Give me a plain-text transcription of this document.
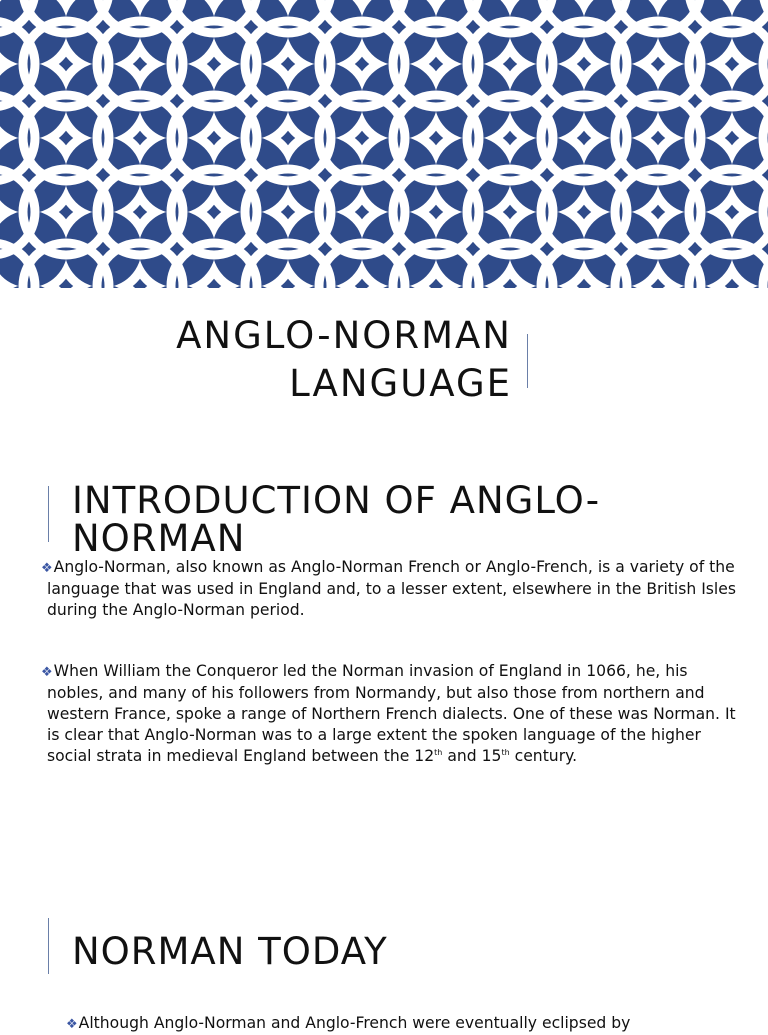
ANGLO-NORMAN
LANGUAGE
INTRODUCTION OF ANGLO-
NORMAN
❖Anglo-Norman, also known as Anglo-Norman French or Anglo-French, is a variety of the language that was used in England and, to a lesser extent, elsewhere in the British Isles during the Anglo-Norman period.
❖When William the Conqueror led the Norman invasion of England in 1066, he, his nobles, and many of his followers from Normandy, but also those from northern and western France, spoke a range of Northern French dialects. One of these was Norman. It is clear that Anglo-Norman was to a large extent the spoken language of the higher social strata in medieval England between the 12th and 15th century.
NORMAN TODAY
❖Although Anglo-Norman and Anglo-French were eventually eclipsed by
